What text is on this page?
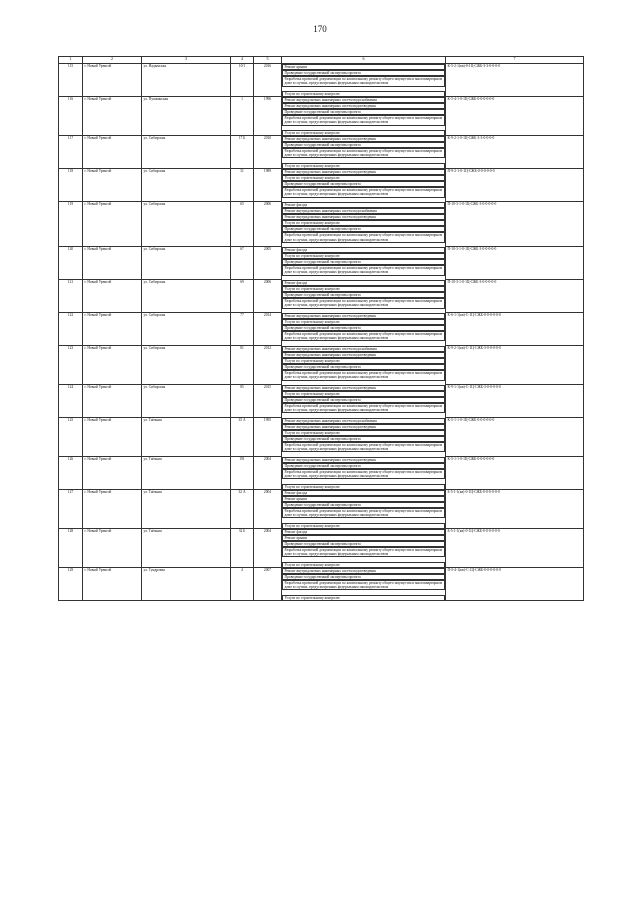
170
1	2	3	4	5	6	7
115	г. Новый Уренгой	ул. Надымская	10/1	2016		Ремонт крыши	К-5-2-1(кв)-0-1Ц-СЖБ-3-3-0-0-0-0

Проведение государственной экспертизы проекта

Разработка проектной документации по капитальному ремонту общего имущества в многоквартирном доме в случаях, предусмотренных федеральным законодательством

Услуги по строительному контролю

116	г. Новый Уренгой	ул. Пушкинская	1	1996		Ремонт внутридомовых инженерных систем водоснабжения	К-5-4-1-0-1Ц-СЖБ-0-0-0-0-0-0

Ремонт внутридомовых инженерных систем водоотведения

Проведение государственной экспертизы проекта

Разработка проектной документации по капитальному ремонту общего имущества в многоквартирном доме в случаях, предусмотренных федеральным законодательством

Услуги по строительному контролю

117	г. Новый Уренгой	ул. Сибирская	17 Б	2010		Ремонт внутридомовых инженерных систем водоотведения	К-9-2-1-0-1Ц-СЖБ-3-3-0-0-0-0

Проведение государственной экспертизы проекта

Разработка проектной документации по капитальному ремонту общего имущества в многоквартирном доме в случаях, предусмотренных федеральным законодательством

Услуги по строительному контролю

118	г. Новый Уренгой	ул. Сибирская	31	1989		Ремонт внутридомовых инженерных систем водоотведения	П-9-2-1-0-1Ц-СЖБ-0-0-0-0-0-0

Услуги по строительному контролю

Проведение государственной экспертизы проекта

Разработка проектной документации по капитальному ремонту общего имущества в многоквартирном доме в случаях, предусмотренных федеральным законодательством

119	г. Новый Уренгой	ул. Сибирская	65	2006		Ремонт фасада	П-10-3-1-0-1Ц-СЖБ-3-0-0-0-0-0

Ремонт внутридомовых инженерных систем водоснабжения

Ремонт внутридомовых инженерных систем водоотведения

Услуги по строительному контролю

Проведение государственной экспертизы проекта

Разработка проектной документации по капитальному ремонту общего имущества в многоквартирном доме в случаях, предусмотренных федеральным законодательством

120	г. Новый Уренгой	ул. Сибирская	67	2005		Ремонт фасада	П-10-3-1-0-1Ц-СЖБ-3-0-0-0-0-0

Услуги по строительному контролю

Проведение государственной экспертизы проекта

Разработка проектной документации по капитальному ремонту общего имущества в многоквартирном доме в случаях, предусмотренных федеральным законодательством

121	г. Новый Уренгой	ул. Сибирская	69	2006		Ремонт фасада	П-10-3-1-0-1Ц-СЖБ-3-0-0-0-0-0

Услуги по строительному контролю

Проведение государственной экспертизы проекта

Разработка проектной документации по капитальному ремонту общего имущества в многоквартирном доме в случаях, предусмотренных федеральным законодательством

122	г. Новый Уренгой	ул. Сибирская	77	2014		Ремонт внутридомовых инженерных систем водоотведения	К-6-1-1(кв)-С-1Ц-СЖБ-0-0-0-0-0-0

Услуги по строительному контролю

Проведение государственной экспертизы проекта

Разработка проектной документации по капитальному ремонту общего имущества в многоквартирном доме в случаях, предусмотренных федеральным законодательством

123	г. Новый Уренгой	ул. Сибирская	81	2012		Ремонт внутридомовых инженерных систем водоснабжения	К-9-2-1(кв)-С-1Ц-СЖБ-3-0-0-0-0-0

Ремонт внутридомовых инженерных систем водоотведения

Услуги по строительному контролю

Проведение государственной экспертизы проекта

Разработка проектной документации по капитальному ремонту общего имущества в многоквартирном доме в случаях, предусмотренных федеральным законодательством

124	г. Новый Уренгой	ул. Сибирская	85	2015		Ремонт внутридомовых инженерных систем водоотведения	К-9-1-1(кв)-С-1Ц-СЖБ-3-0-0-0-0-0

Услуги по строительному контролю

Проведение государственной экспертизы проекта

Разработка проектной документации по капитальному ремонту общего имущества в многоквартирном доме в случаях, предусмотренных федеральным законодательством

125	г. Новый Уренгой	ул. Таёжная	35 А	1995		Ремонт внутридомовых инженерных систем водоснабжения	К-5-1-1-0-1Ц-СЖБ-0-0-0-0-0-0

Ремонт внутридомовых инженерных систем водоотведения

Услуги по строительному контролю

Проведение государственной экспертизы проекта

Разработка проектной документации по капитальному ремонту общего имущества в многоквартирном доме в случаях, предусмотренных федеральным законодательством

126	г. Новый Уренгой	ул. Таёжная	191	2004		Ремонт внутридомовых инженерных систем водоотведения	К-5-1-1-0-1Ц-СЖБ-0-0-0-0-0-0

Проведение государственной экспертизы проекта

Разработка проектной документации по капитальному ремонту общего имущества в многоквартирном доме в случаях, предусмотренных федеральным законодательством

Услуги по строительному контролю

127	г. Новый Уренгой	ул. Таёжная	32 А	2004		Ремонт фасада	Б-5-1-1(кв)-0-1Ц-СЖБ-0-0-0-0-0-0

Ремонт крыши

Проведение государственной экспертизы проекта

Разработка проектной документации по капитальному ремонту общего имущества в многоквартирном доме в случаях, предусмотренных федеральным законодательством

Услуги по строительному контролю

128	г. Новый Уренгой	ул. Таёжная	32 Б	2004		Ремонт фасада	Б-5-1-1(кв)-0-1Ц-СЖБ-0-0-0-0-0-0

Ремонт крыши

Проведение государственной экспертизы проекта

Разработка проектной документации по капитальному ремонту общего имущества в многоквартирном доме в случаях, предусмотренных федеральным законодательством

Услуги по строительному контролю

129	г. Новый Уренгой	ул. Тундровая	4	2007		Ремонт внутридомовых инженерных систем водоотведения	П-5-4-1(кв)-С-1Ц-СЖБ-0-0-0-0-0-0

Проведение государственной экспертизы проекта

Разработка проектной документации по капитальному ремонту общего имущества в многоквартирном доме в случаях, предусмотренных федеральным законодательством

Услуги по строительному контролю
